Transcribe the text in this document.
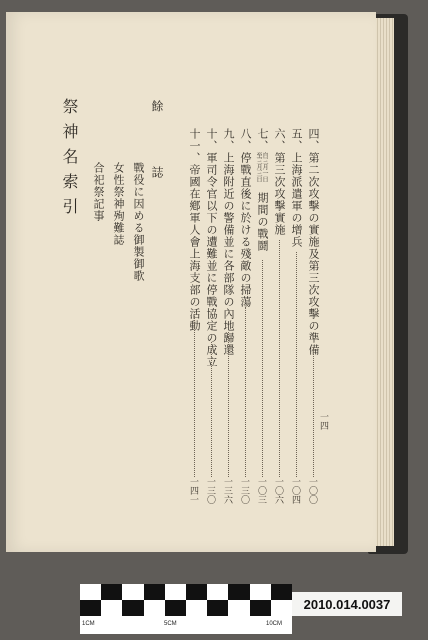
四、第二次攻擊の實施及第三次攻擊の準備
一〇〇
五、上海派遣軍の增兵
一〇四
六、第三次攻擊實施
一〇六
七、
自三月一日
至三月三日
期間の戰鬪
一〇三
八、停戰直後に於ける殘敵の掃蕩
一三〇
九、上海附近の警備並に各部隊の內地歸還
一三六
十、軍司令官以下の遭難並に停戰協定の成立
一三〇
十一、帝國在鄕軍人會上海支部の活動
一四一
一四
餘　　誌
戰役に因める御製御歌
女性祭神殉難誌
合祀祭記事
祭神名索引
1CM	5CM	10CM
2010.014.0037
